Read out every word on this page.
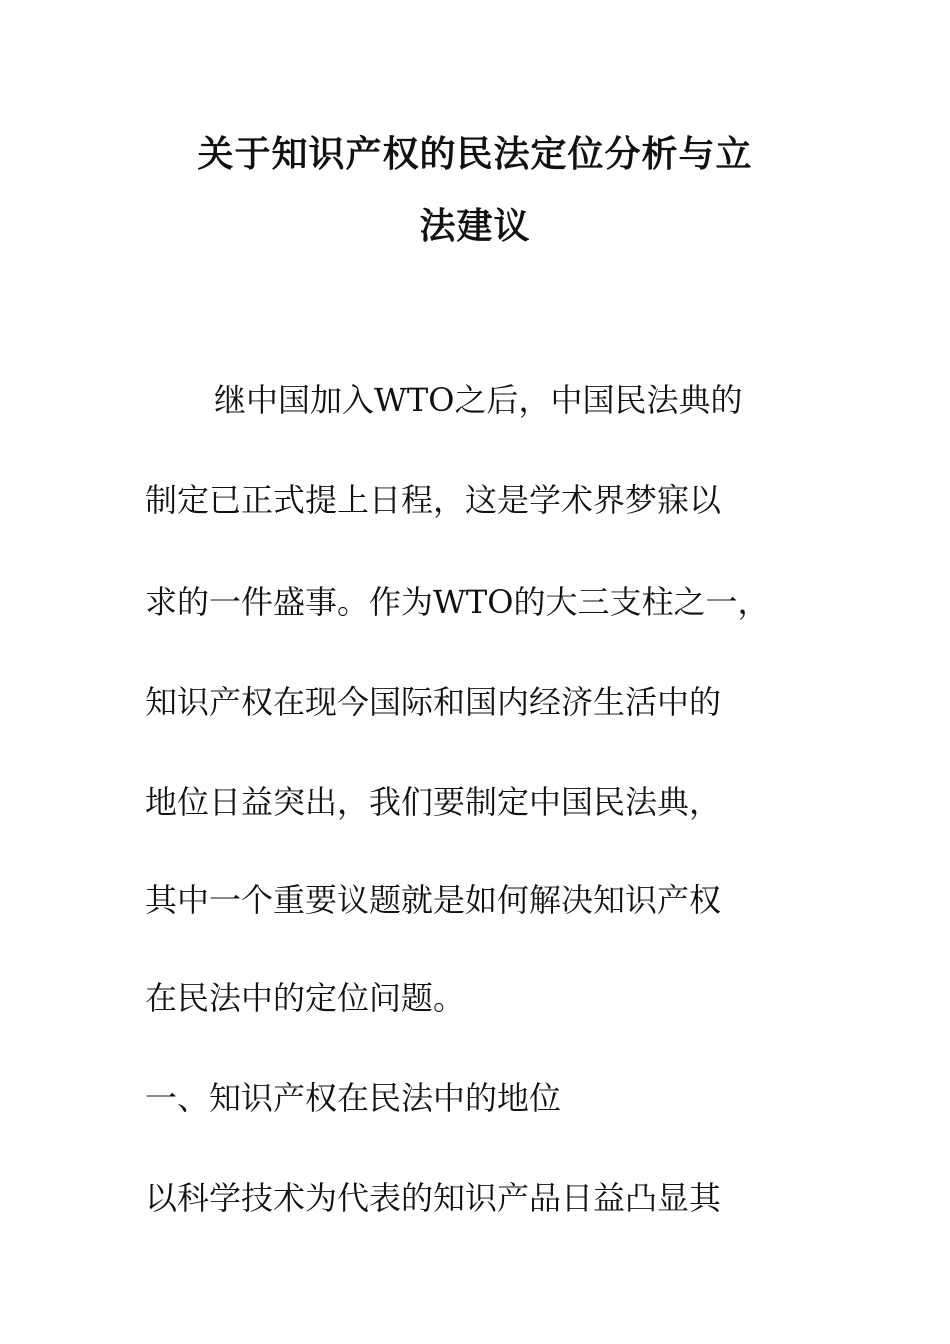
关于知识产权的民法定位分析与立
法建议
继中国加入WTO之后，中国民法典的
制定已正式提上日程，这是学术界梦寐以
求的一件盛事。作为WTO的大三支柱之一，
知识产权在现今国际和国内经济生活中的
地位日益突出，我们要制定中国民法典，
其中一个重要议题就是如何解决知识产权
在民法中的定位问题。
一、知识产权在民法中的地位
以科学技术为代表的知识产品日益凸显其
